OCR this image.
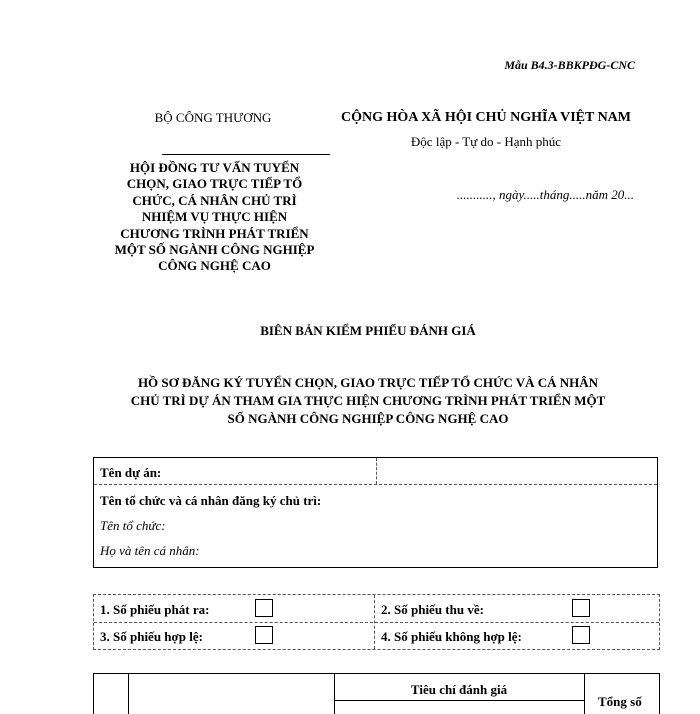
Mẫu B4.3-BBKPĐG-CNC
BỘ CÔNG THƯƠNG
HỘI ĐỒNG TƯ VẤN TUYỂN
CHỌN, GIAO TRỰC TIẾP TỔ
CHỨC, CÁ NHÂN CHỦ TRÌ
NHIỆM VỤ THỰC HIỆN
CHƯƠNG TRÌNH PHÁT TRIỂN
MỘT SỐ NGÀNH CÔNG NGHIỆP
CÔNG NGHỆ CAO
CỘNG HÒA XÃ HỘI CHỦ NGHĨA VIỆT NAM
Độc lập - Tự do - Hạnh phúc
..........., ngày.....tháng.....năm 20...
BIÊN BẢN KIỂM PHIẾU ĐÁNH GIÁ
HỒ SƠ ĐĂNG KÝ TUYỂN CHỌN, GIAO TRỰC TIẾP TỔ CHỨC VÀ CÁ NHÂN
CHỦ TRÌ DỰ ÁN THAM GIA THỰC HIỆN CHƯƠNG TRÌNH PHÁT TRIỂN MỘT
SỐ NGÀNH CÔNG NGHIỆP CÔNG NGHỆ CAO
Tên dự án:
Tên tổ chức và cá nhân đăng ký chủ trì:
Tên tổ chức:
Họ và tên cá nhân:
1. Số phiếu phát ra:	2. Số phiếu thu về:
3. Số phiếu hợp lệ:	4. Số phiếu không hợp lệ:
Tiêu chí đánh giá
Tổng số
